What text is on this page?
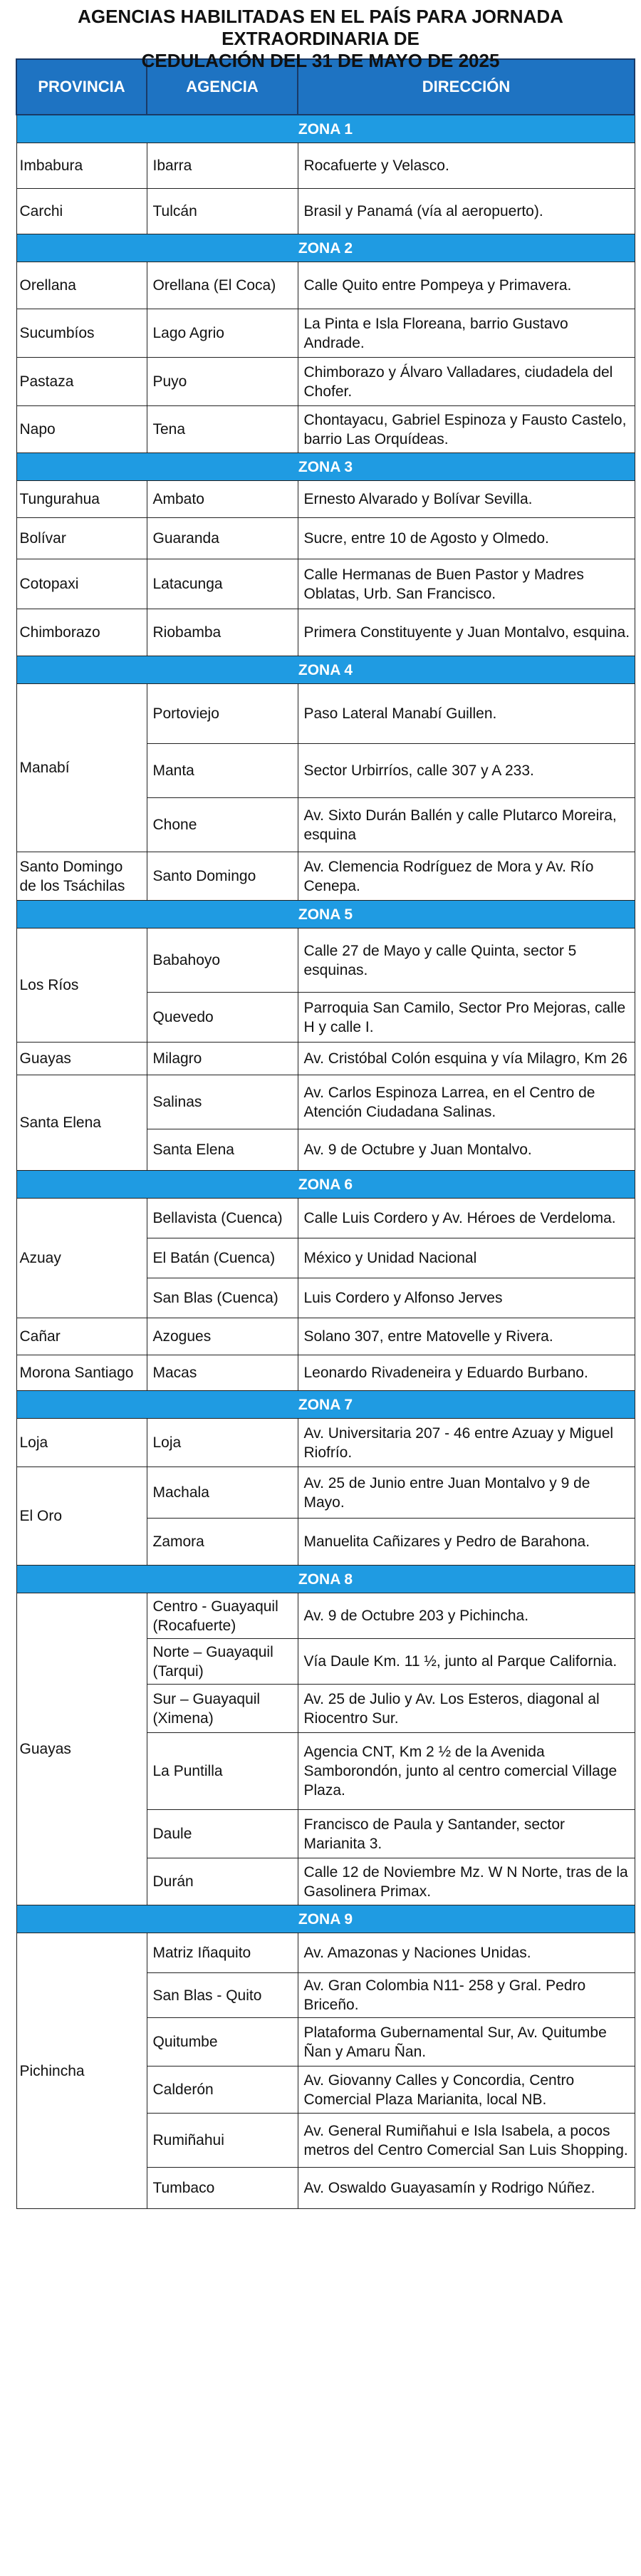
AGENCIAS HABILITADAS EN EL PAÍS PARA JORNADA EXTRAORDINARIA DE
CEDULACIÓN DEL 31 DE MAYO DE 2025
PROVINCIA	AGENCIA	DIRECCIÓN
ZONA 1		
Imbabura	Ibarra	Rocafuerte y Velasco.
Carchi	Tulcán	Brasil y Panamá (vía al aeropuerto).
ZONA 2		
Orellana	Orellana (El Coca)	Calle Quito entre Pompeya y Primavera.
Sucumbíos	Lago Agrio	La Pinta e Isla Floreana, barrio Gustavo Andrade.
Pastaza	Puyo	Chimborazo y Álvaro Valladares, ciudadela del Chofer.
Napo	Tena	Chontayacu, Gabriel Espinoza y Fausto Castelo, barrio Las Orquídeas.
ZONA 3		
Tungurahua	Ambato	Ernesto Alvarado y Bolívar Sevilla.
Bolívar	Guaranda	Sucre, entre 10 de Agosto y Olmedo.
Cotopaxi	Latacunga	Calle Hermanas de Buen Pastor y Madres Oblatas, Urb. San Francisco.
Chimborazo	Riobamba	Primera Constituyente y Juan Montalvo, esquina.
ZONA 4		
Manabí	Portoviejo	Paso Lateral Manabí Guillen.
	Manta	Sector Urbirríos, calle 307 y A 233.
	Chone	Av. Sixto Durán Ballén y calle Plutarco Moreira, esquina
Santo Domingo de los Tsáchilas	Santo Domingo	Av. Clemencia Rodríguez de Mora y Av. Río Cenepa.
ZONA 5		
Los Ríos	Babahoyo	Calle 27 de Mayo y calle Quinta, sector 5 esquinas.
	Quevedo	Parroquia San Camilo, Sector Pro Mejoras, calle H y calle I.
Guayas	Milagro	Av. Cristóbal Colón esquina y vía Milagro, Km 26
Santa Elena	Salinas	Av. Carlos Espinoza Larrea, en el Centro de Atención Ciudadana Salinas.
	Santa Elena	Av. 9 de Octubre y Juan Montalvo.
ZONA 6		
Azuay	Bellavista (Cuenca)	Calle Luis Cordero y Av. Héroes de Verdeloma.
	El Batán (Cuenca)	México y Unidad Nacional
	San Blas (Cuenca)	Luis Cordero y Alfonso Jerves
Cañar	Azogues	Solano 307, entre Matovelle y Rivera.
Morona Santiago	Macas	Leonardo Rivadeneira y Eduardo Burbano.
ZONA 7		
Loja	Loja	Av. Universitaria 207 - 46 entre Azuay y Miguel Riofrío.
El Oro	Machala	Av. 25 de Junio entre Juan Montalvo y 9 de Mayo.
	Zamora	Manuelita Cañizares y Pedro de Barahona.
ZONA 8		
Guayas	Centro - Guayaquil (Rocafuerte)	Av. 9 de Octubre 203 y Pichincha.
	Norte – Guayaquil (Tarqui)	Vía Daule Km. 11 ½, junto al Parque California.
	Sur – Guayaquil (Ximena)	Av. 25 de Julio y Av. Los Esteros, diagonal al Riocentro Sur.
	La Puntilla	Agencia CNT, Km 2 ½ de la Avenida Samborondón, junto al centro comercial Village Plaza.
	Daule	Francisco de Paula y Santander, sector Marianita 3.
	Durán	Calle 12 de Noviembre Mz. W N Norte, tras de la Gasolinera Primax.
ZONA 9		
Pichincha	Matriz Iñaquito	Av. Amazonas y Naciones Unidas.
	San Blas - Quito	Av. Gran Colombia N11- 258 y Gral. Pedro Briceño.
	Quitumbe	Plataforma Gubernamental Sur, Av. Quitumbe Ñan y Amaru Ñan.
	Calderón	Av. Giovanny Calles y Concordia, Centro Comercial Plaza Marianita, local NB.
	Rumiñahui	Av. General Rumiñahui e Isla Isabela, a pocos metros del Centro Comercial San Luis Shopping.
	Tumbaco	Av. Oswaldo Guayasamín y Rodrigo Núñez.
